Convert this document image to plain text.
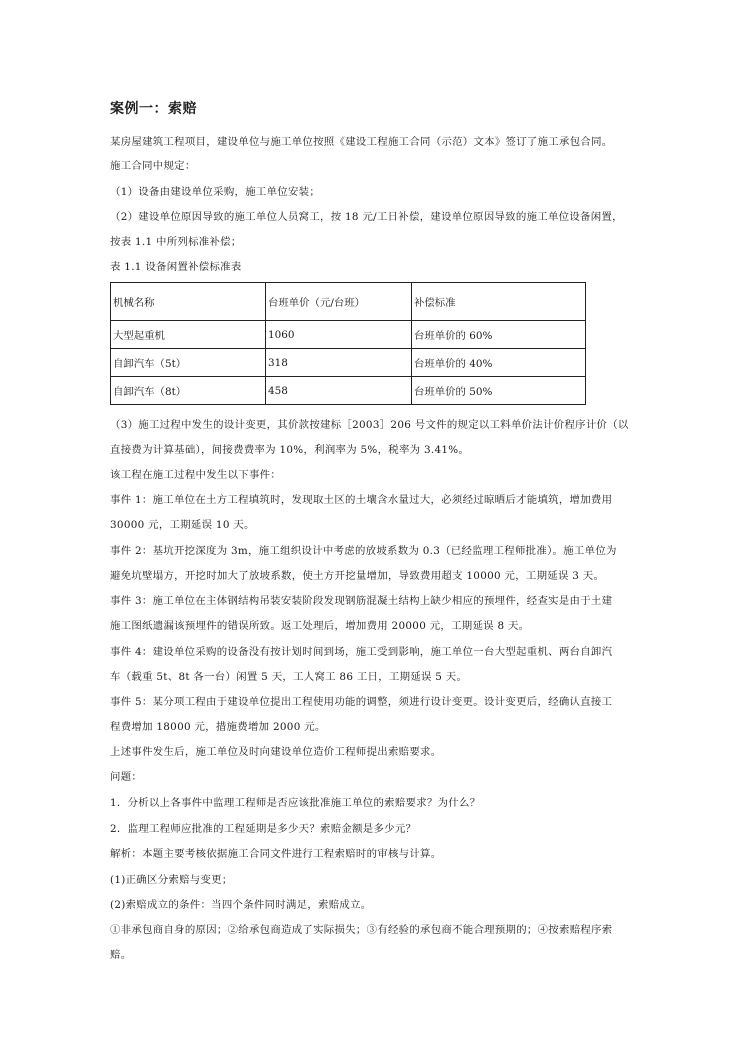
案例一：索赔
某房屋建筑工程项目，建设单位与施工单位按照《建设工程施工合同（示范）文本》签订了施工承包合同。
施工合同中规定：
（1）设备由建设单位采购，施工单位安装；
（2）建设单位原因导致的施工单位人员窝工，按 18 元/工日补偿，建设单位原因导致的施工单位设备闲置，
按表 1.1 中所列标准补偿；
表 1.1 设备闲置补偿标准表
机械名称	台班单价（元/台班）	补偿标准
大型起重机	1060	台班单价的 60%
自卸汽车（5t）	318	台班单价的 40%
自卸汽车（8t）	458	台班单价的 50%
（3）施工过程中发生的设计变更，其价款按建标［2003］206 号文件的规定以工料单价法计价程序计价（以
直接费为计算基础），间接费费率为 10%，利润率为 5%，税率为 3.41%。
该工程在施工过程中发生以下事件：
事件 1：施工单位在土方工程填筑时，发现取土区的土壤含水量过大，必须经过晾晒后才能填筑，增加费用
30000 元，工期延误 10 天。
事件 2：基坑开挖深度为 3m，施工组织设计中考虑的放坡系数为 0.3（已经监理工程师批准）。施工单位为
避免坑壁塌方，开挖时加大了放坡系数，使土方开挖量增加，导致费用超支 10000 元，工期延误 3 天。
事件 3：施工单位在主体钢结构吊装安装阶段发现钢筋混凝土结构上缺少相应的预埋件，经查实是由于土建
施工图纸遗漏该预埋件的错误所致。返工处理后，增加费用 20000 元，工期延误 8 天。
事件 4：建设单位采购的设备没有按计划时间到场，施工受到影响，施工单位一台大型起重机、两台自卸汽
车（载重 5t、8t 各一台）闲置 5 天，工人窝工 86 工日，工期延误 5 天。
事件 5：某分项工程由于建设单位提出工程使用功能的调整，须进行设计变更。设计变更后，经确认直接工
程费增加 18000 元，措施费增加 2000 元。
上述事件发生后，施工单位及时向建设单位造价工程师提出索赔要求。
问题：
1．分析以上各事件中监理工程师是否应该批准施工单位的索赔要求？为什么？
2．监理工程师应批准的工程延期是多少天？索赔金额是多少元？
解析：本题主要考核依据施工合同文件进行工程索赔时的审核与计算。
(1)正确区分索赔与变更；
(2)索赔成立的条件：当四个条件同时满足，索赔成立。
①非承包商自身的原因；②给承包商造成了实际损失；③有经验的承包商不能合理预期的；④按索赔程序索
赔。
